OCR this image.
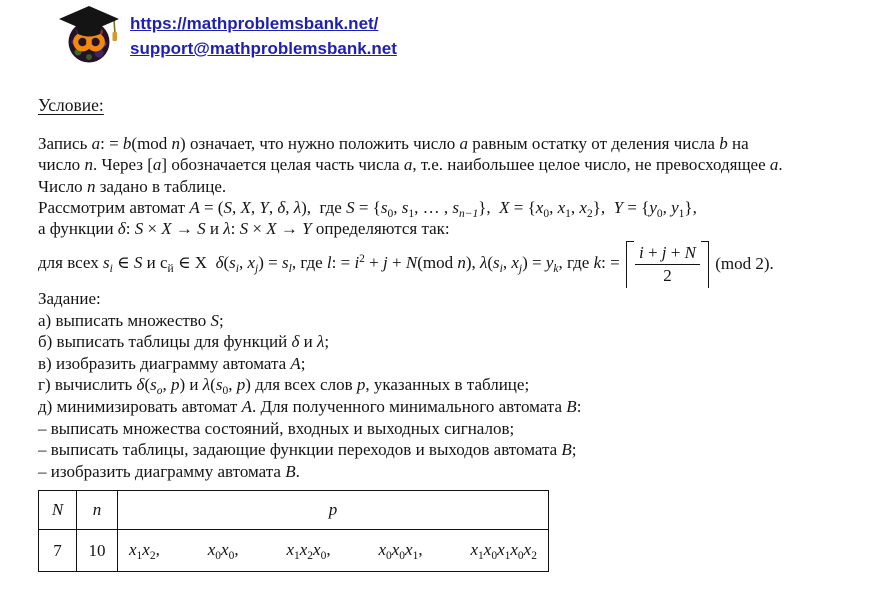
https://mathproblemsbank.net/
support@mathproblemsbank.net
Условие:
Запись a: = b(mod n) означает, что нужно положить число a равным остатку от деления числа b на
число n. Через [a] обозначается целая часть числа a, т.е. наибольшее целое число, не превосходящее a.
Число n задано в таблице.
Рассмотрим автомат A = (S, X, Y, δ, λ),  где $S = \{s_0$, $s_1$, … , $s_{n-1}$},  $X = \{x_0$, $x_1$, $x_2$},  $Y = \{y_0$, $y_1$},
а функции δ: S × X → S и λ: S × X → Y определяются так:
для всех $s_i$ ∈ S и $с_й$ ∈ Х  $\delta(s_i$, $x_j) = s_l$, где l: = $i^2 + j + N(mod$ n), $\lambda(s_i$, $x_j) = y_k$, где k: = $\frac{i + j + N}{2} (mod$ 2).
Задание:
а) выписать множество S;
б) выписать таблицы для функций δ и λ;
в) изобразить диаграмму автомата A;
г) вычислить $\delta(s_o$, p) и $\lambda(s_0$, p) для всех слов p, указанных в таблице;
д) минимизировать автомат A. Для полученного минимального автомата B:
– выписать множества состояний, входных и выходных сигналов;
– выписать таблицы, задающие функции переходов и выходов автомата B;
– изобразить диаграмму автомата B.
N	n	p
7	10	$x_1x_2$, $x_0x_0$, $x_1x_2x_0$, $x_0x_0x_1$, $x_1x_0x_1x_0x_2$
